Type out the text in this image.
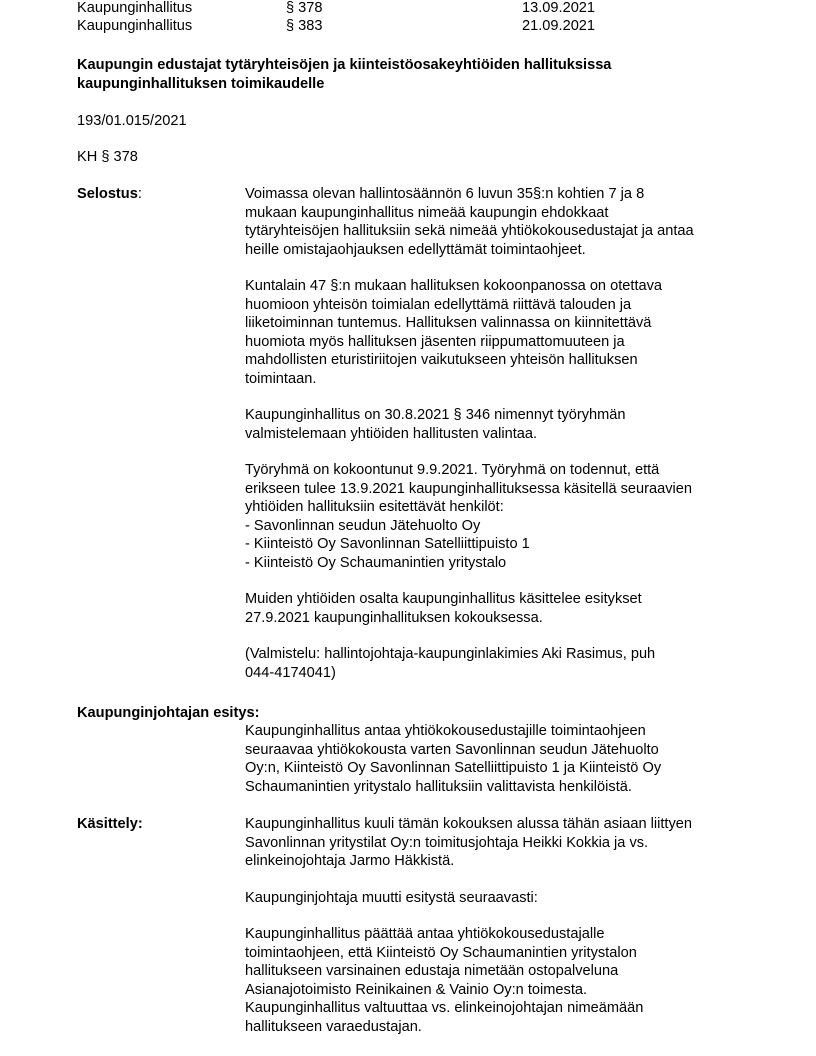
Kaupunginhallitus	§ 378	13.09.2021
Kaupunginhallitus	§ 383	21.09.2021
Kaupungin edustajat tytäryhteisöjen ja kiinteistöosakeyhtiöiden hallituksissa
kaupunginhallituksen toimikaudelle
193/01.015/2021
KH § 378
Selostus:	Voimassa olevan hallintosäännön 6 luvun 35§:n kohtien 7 ja 8
mukaan kaupunginhallitus nimeää kaupungin ehdokkaat
tytäryhteisöjen hallituksiin sekä nimeää yhtiökokousedustajat ja antaa
heille omistajaohjauksen edellyttämät toimintaohjeet.

Kuntalain 47 §:n mukaan hallituksen kokoonpanossa on otettava
huomioon yhteisön toimialan edellyttämä riittävä talouden ja
liiketoiminnan tuntemus. Hallituksen valinnassa on kiinnitettävä
huomiota myös hallituksen jäsenten riippumattomuuteen ja
mahdollisten eturistiriitojen vaikutukseen yhteisön hallituksen
toimintaan.

Kaupunginhallitus on 30.8.2021 § 346 nimennyt työryhmän
valmistelemaan yhtiöiden hallitusten valintaa.

Työryhmä on kokoontunut 9.9.2021. Työryhmä on todennut, että
erikseen tulee 13.9.2021 kaupunginhallituksessa käsitellä seuraavien
yhtiöiden hallituksiin esitettävät henkilöt:
- Savonlinnan seudun Jätehuolto Oy
- Kiinteistö Oy Savonlinnan Satelliittipuisto 1
- Kiinteistö Oy Schaumanintien yritystalo

Muiden yhtiöiden osalta kaupunginhallitus käsittelee esitykset
27.9.2021 kaupunginhallituksen kokouksessa.

(Valmistelu: hallintojohtaja-kaupunginlakimies Aki Rasimus, puh
044-4174041)

Kaupunginjohtajan esitys:

Kaupunginhallitus antaa yhtiökokousedustajille toimintaohjeen
seuraavaa yhtiökokousta varten Savonlinnan seudun Jätehuolto
Oy:n, Kiinteistö Oy Savonlinnan Satelliittipuisto 1 ja Kiinteistö Oy
Schaumanintien yritystalo hallituksiin valittavista henkilöistä.

Käsittely:	Kaupunginhallitus kuuli tämän kokouksen alussa tähän asiaan liittyen
Savonlinnan yritystilat Oy:n toimitusjohtaja Heikki Kokkia ja vs.
elinkeinojohtaja Jarmo Häkkistä.

Kaupunginjohtaja muutti esitystä seuraavasti:

Kaupunginhallitus päättää antaa yhtiökokousedustajalle
toimintaohjeen, että Kiinteistö Oy Schaumanintien yritystalon
hallitukseen varsinainen edustaja nimetään ostopalveluna
Asianajotoimisto Reinikainen & Vainio Oy:n toimesta.
Kaupunginhallitus valtuuttaa vs. elinkeinojohtajan nimeämään
hallitukseen varaedustajan.
